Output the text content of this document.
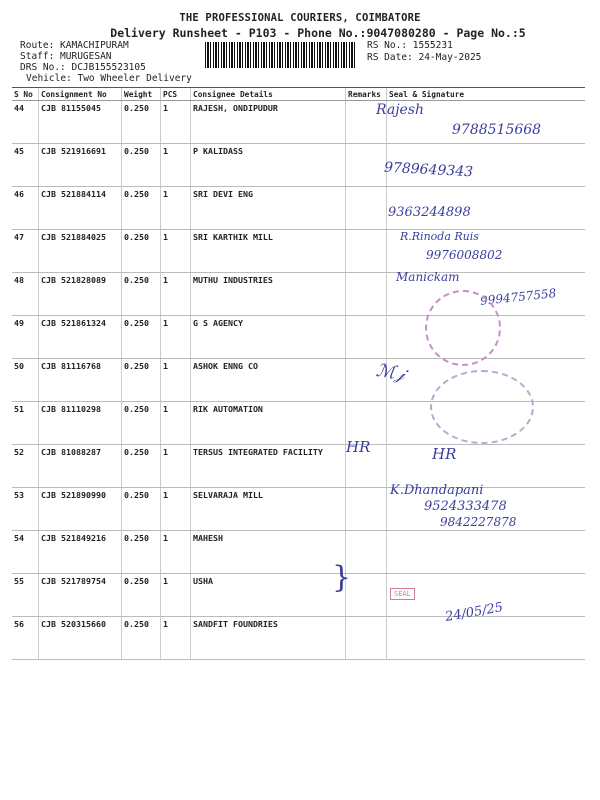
THE PROFESSIONAL COURIERS, COIMBATORE
Delivery Runsheet - P103 - Phone No.:9047080280 - Page No.:5
Route: KAMACHIPURAM
Staff: MURUGESAN
DRS No.: DCJB155523105
Vehicle: Two Wheeler Delivery
RS No.: 1555231
RS Date: 24-May-2025
S No	Consignment No	Weight	PCS	Consignee Details	Remarks	Seal & Signature
44	CJB 81155045	0.250	1	RAJESH, ONDIPUDUR		
45	CJB 521916691	0.250	1	P KALIDASS		
46	CJB 521884114	0.250	1	SRI DEVI ENG		
47	CJB 521884025	0.250	1	SRI KARTHIK MILL		
48	CJB 521828089	0.250	1	MUTHU INDUSTRIES		
49	CJB 521861324	0.250	1	G S AGENCY		
50	CJB 81116768	0.250	1	ASHOK ENNG CO		
51	CJB 81110298	0.250	1	RIK AUTOMATION		
52	CJB 81088287	0.250	1	TERSUS INTEGRATED FACILITY		
53	CJB 521890990	0.250	1	SELVARAJA MILL		
54	CJB 521849216	0.250	1	MAHESH		
55	CJB 521789754	0.250	1	USHA		
56	CJB 520315660	0.250	1	SANDFIT FOUNDRIES		
Rajesh
9788515668
9789649343
9363244898
R.Rinoda Ruis
9976008802
Manickam
9994757558
ℳ𝒿
HR	HR
K.Dhandapani
9524333478
9842227878
SEAL
24/05/25
}
